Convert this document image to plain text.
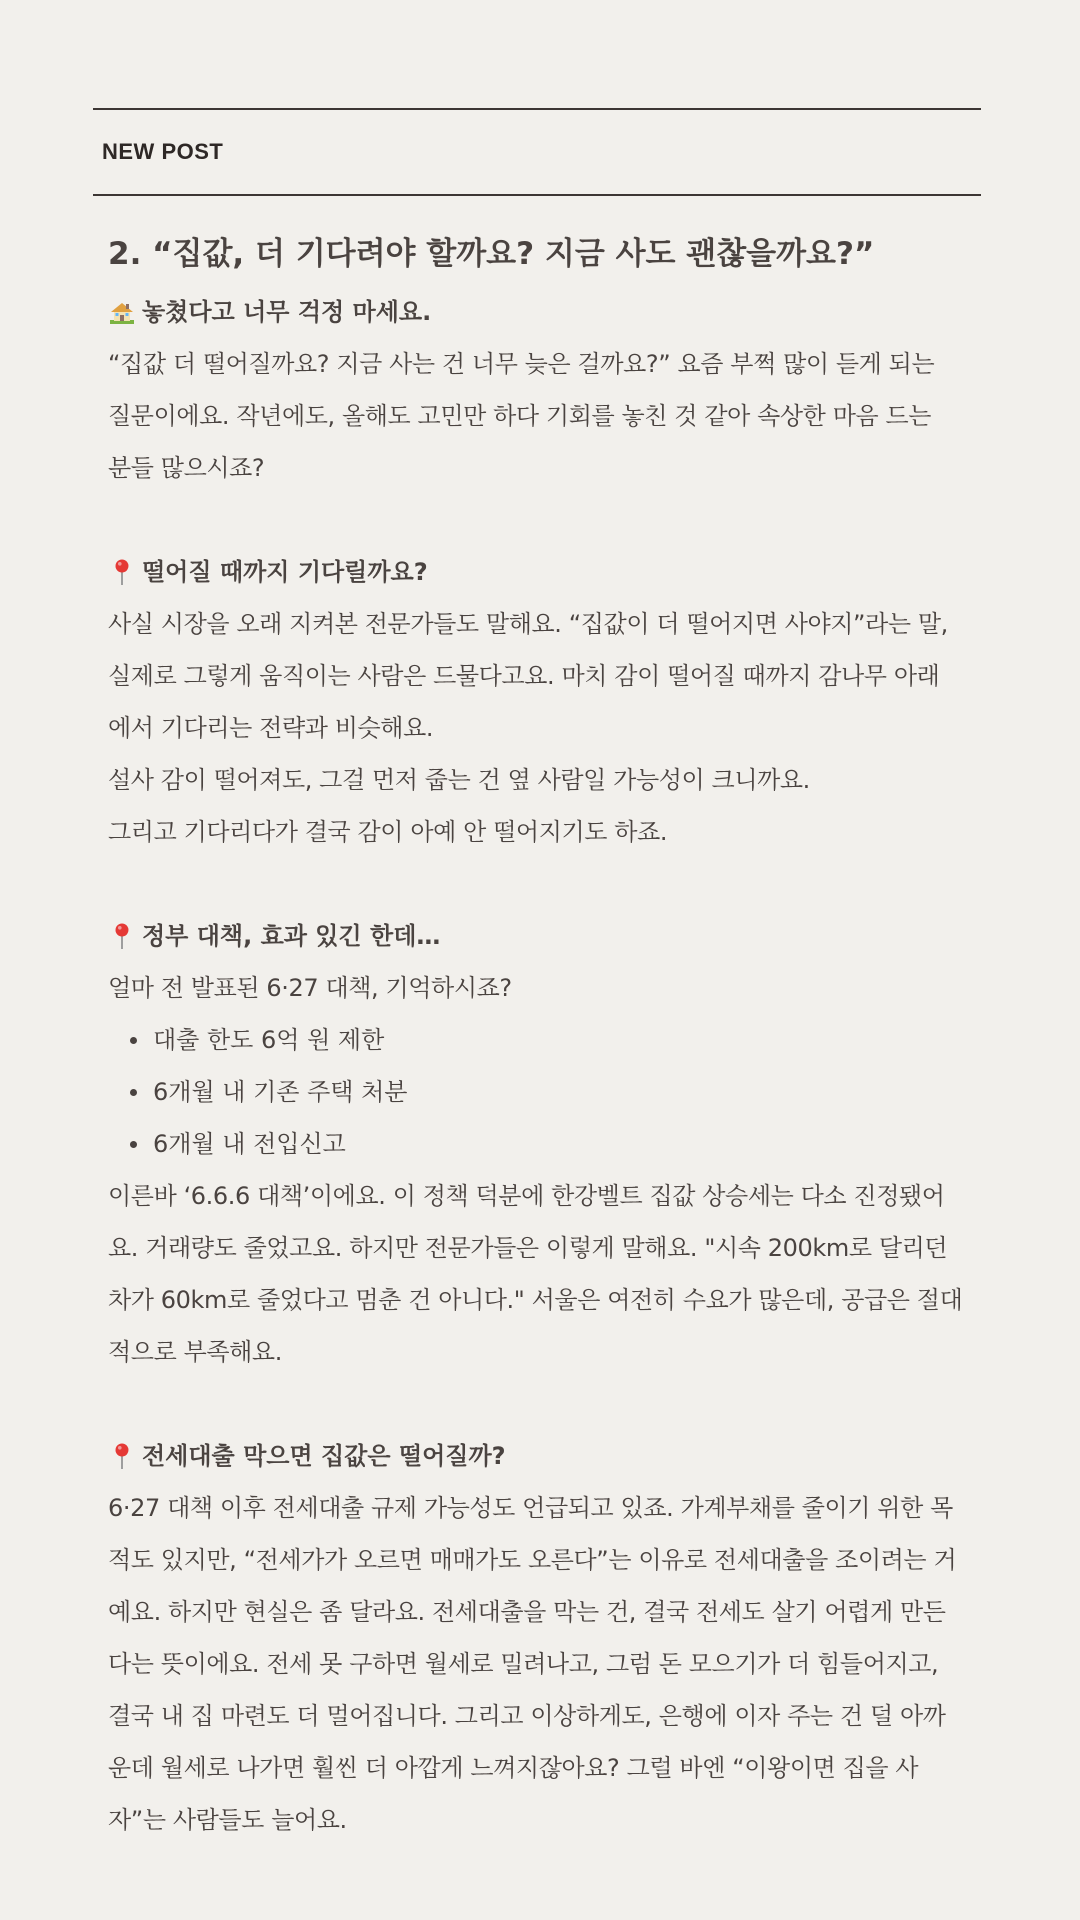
NEW POST
2. “집값, 더 기다려야 할까요? 지금 사도 괜찮을까요?”
놓쳤다고 너무 걱정 마세요.

“집값 더 떨어질까요? 지금 사는 건 너무 늦은 걸까요?” 요즘 부쩍 많이 듣게 되는
질문이에요. 작년에도, 올해도 고민만 하다 기회를 놓친 것 같아 속상한 마음 드는
분들 많으시죠?

떨어질 때까지 기다릴까요?

사실 시장을 오래 지켜본 전문가들도 말해요. “집값이 더 떨어지면 사야지”라는 말,
실제로 그렇게 움직이는 사람은 드물다고요. 마치 감이 떨어질 때까지 감나무 아래
에서 기다리는 전략과 비슷해요.
설사 감이 떨어져도, 그걸 먼저 줍는 건 옆 사람일 가능성이 크니까요.
그리고 기다리다가 결국 감이 아예 안 떨어지기도 하죠.

정부 대책, 효과 있긴 한데…

얼마 전 발표된 6·27 대책, 기억하시죠?

대출 한도 6억 원 제한
6개월 내 기존 주택 처분
6개월 내 전입신고

이른바 ‘6.6.6 대책’이에요. 이 정책 덕분에 한강벨트 집값 상승세는 다소 진정됐어
요. 거래량도 줄었고요. 하지만 전문가들은 이렇게 말해요. "시속 200km로 달리던
차가 60km로 줄었다고 멈춘 건 아니다." 서울은 여전히 수요가 많은데, 공급은 절대
적으로 부족해요.

전세대출 막으면 집값은 떨어질까?

6·27 대책 이후 전세대출 규제 가능성도 언급되고 있죠. 가계부채를 줄이기 위한 목
적도 있지만, “전세가가 오르면 매매가도 오른다”는 이유로 전세대출을 조이려는 거
예요. 하지만 현실은 좀 달라요. 전세대출을 막는 건, 결국 전세도 살기 어렵게 만든
다는 뜻이에요. 전세 못 구하면 월세로 밀려나고, 그럼 돈 모으기가 더 힘들어지고,
결국 내 집 마련도 더 멀어집니다. 그리고 이상하게도, 은행에 이자 주는 건 덜 아까
운데 월세로 나가면 훨씬 더 아깝게 느껴지잖아요? 그럴 바엔 “이왕이면 집을 사
자”는 사람들도 늘어요.
